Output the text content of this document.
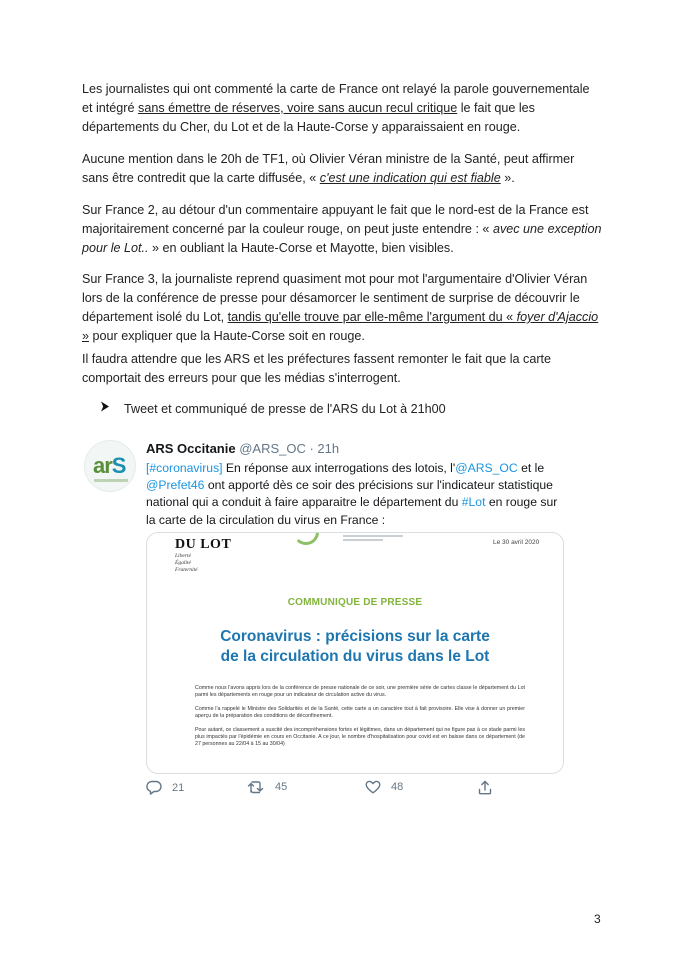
Les journalistes qui ont commenté la carte de France ont relayé la parole gouvernementale et intégré sans émettre de réserves, voire sans aucun recul critique le fait que les départements du Cher, du Lot et de la Haute-Corse y apparaissaient en rouge.
Aucune mention dans le 20h de TF1, où Olivier Véran ministre de la Santé, peut affirmer sans être contredit que la carte diffusée, « c'est une indication qui est fiable ».
Sur France 2, au détour d'un commentaire appuyant le fait que le nord-est de la France est majoritairement concerné par la couleur rouge, on peut juste entendre : « avec une exception pour le Lot.. » en oubliant la Haute-Corse et Mayotte, bien visibles.
Sur France 3, la journaliste reprend quasiment mot pour mot l'argumentaire d'Olivier Véran lors de la conférence de presse pour désamorcer le sentiment de surprise de découvrir le département isolé du Lot, tandis qu'elle trouve par elle-même l'argument du « foyer d'Ajaccio » pour expliquer que la Haute-Corse soit en rouge.
Il faudra attendre que les ARS et les préfectures fassent remonter le fait que la carte comportait des erreurs pour que les médias s'interrogent.
Tweet et communiqué de presse de l'ARS du Lot à 21h00
arS
ARS Occitanie @ARS_OC · 21h
[#coronavirus] En réponse aux interrogations des lotois, l'@ARS_OC et le @Prefet46 ont apporté dès ce soir des précisions sur l'indicateur statistique national qui a conduit à faire apparaitre le département du #Lot en rouge sur la carte de la circulation du virus en France :
DU LOT
Liberté
Égalité
Fraternité
Le 30 avril 2020
COMMUNIQUE DE PRESSE
Coronavirus : précisions sur la carte
de la circulation du virus dans le Lot

Comme nous l'avons appris lors de la conférence de presse nationale de ce soir, une première série de cartes classe le département du Lot parmi les départements en rouge pour un indicateur de circulation active du virus.

Comme l'a rappelé le Ministre des Solidarités et de la Santé, cette carte a un caractère tout à fait provisoire. Elle vise à donner un premier aperçu de la préparation des conditions de déconfinement.

Pour autant, ce classement a suscité des incompréhensions fortes et légitimes, dans un département qui ne figure pas à ce stade parmi les plus impactés par l'épidémie en cours en Occitanie. A ce jour, le nombre d'hospitalisation pour covid est en baisse dans ce département (de 27 personnes au 22/04 à 15 au 30/04)

21	45	48
3
